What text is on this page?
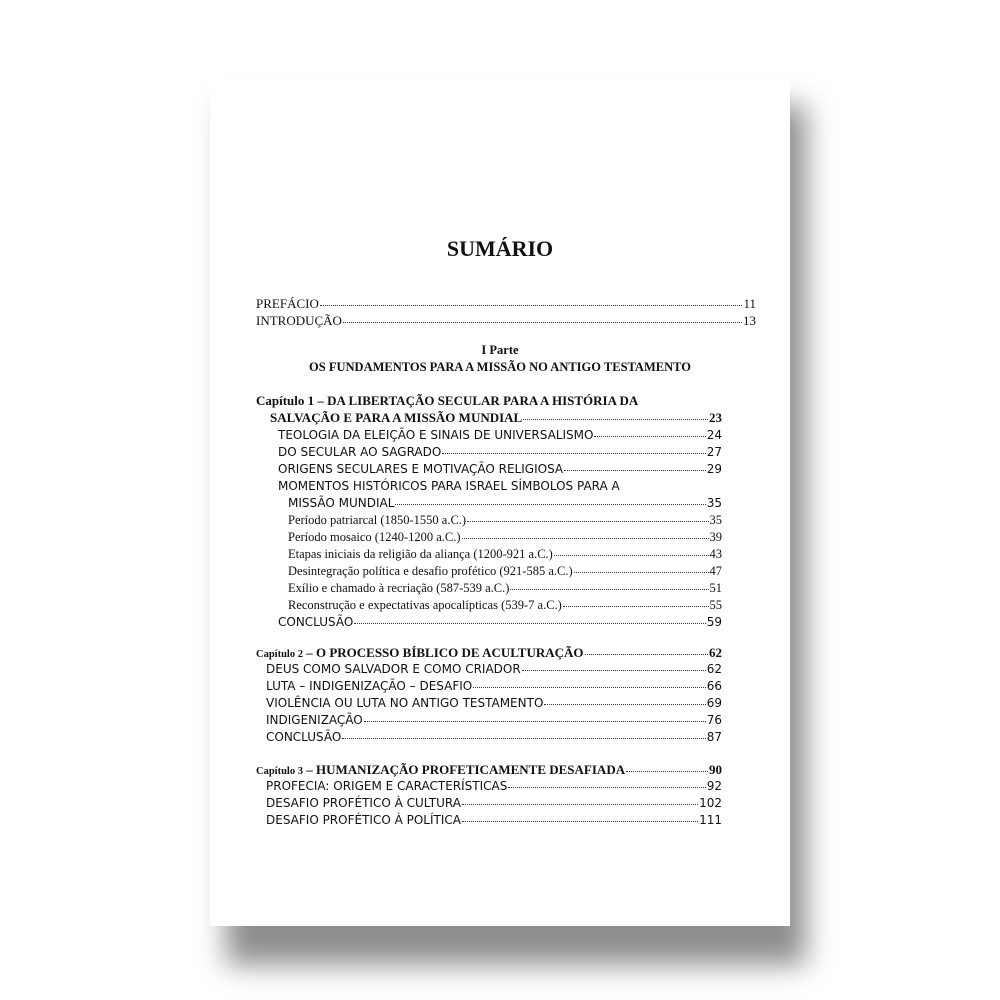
SUMÁRIO
PREFÁCIO	11
INTRODUÇÃO	13
I Parte
OS FUNDAMENTOS PARA A MISSÃO NO ANTIGO TESTAMENTO
Capítulo 1 – DA LIBERTAÇÃO SECULAR PARA A HISTÓRIA DA
SALVAÇÃO E PARA A MISSÃO MUNDIAL	23
TEOLOGIA DA ELEIÇÃO E SINAIS DE UNIVERSALISMO	24
DO SECULAR AO SAGRADO	27
ORIGENS SECULARES E MOTIVAÇÃO RELIGIOSA	29
MOMENTOS HISTÓRICOS PARA ISRAEL SÍMBOLOS PARA A
MISSÃO MUNDIAL	35
Período patriarcal (1850-1550 a.C.)	35
Período mosaico (1240-1200 a.C.)	39
Etapas iniciais da religião da aliança (1200-921 a.C.)	43
Desintegração política e desafio profético (921-585 a.C.)	47
Exílio e chamado à recriação (587-539 a.C.)	51
Reconstrução e expectativas apocalípticas (539-7 a.C.)	55
CONCLUSÃO	59
Capítulo 2 – O PROCESSO BÍBLICO DE ACULTURAÇÃO	62
DEUS COMO SALVADOR E COMO CRIADOR	62
LUTA – INDIGENIZAÇÃO – DESAFIO	66
VIOLÊNCIA OU LUTA NO ANTIGO TESTAMENTO	69
INDIGENIZAÇÃO	76
CONCLUSÃO	87
Capítulo 3 – HUMANIZAÇÃO PROFETICAMENTE DESAFIADA	90
PROFECIA: ORIGEM E CARACTERÍSTICAS	92
DESAFIO PROFÉTICO À CULTURA	102
DESAFIO PROFÉTICO À POLÍTICA	111
